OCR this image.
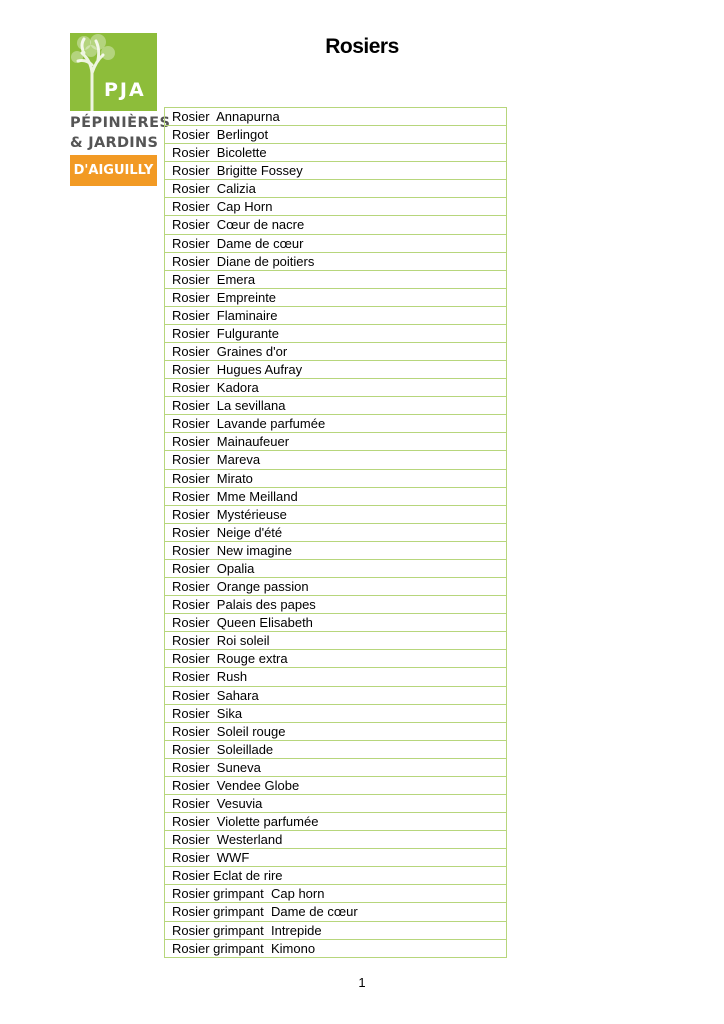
PJA
PÉPINIÈRES
& JARDINS
D'AIGUILLY
Rosiers
Rosier  Annapurna
Rosier  Berlingot
Rosier  Bicolette
Rosier  Brigitte Fossey
Rosier  Calizia
Rosier  Cap Horn
Rosier  Cœur de nacre
Rosier  Dame de cœur
Rosier  Diane de poitiers
Rosier  Emera
Rosier  Empreinte
Rosier  Flaminaire
Rosier  Fulgurante
Rosier  Graines d'or
Rosier  Hugues Aufray
Rosier  Kadora
Rosier  La sevillana
Rosier  Lavande parfumée
Rosier  Mainaufeuer
Rosier  Mareva
Rosier  Mirato
Rosier  Mme Meilland
Rosier  Mystérieuse
Rosier  Neige d'été
Rosier  New imagine
Rosier  Opalia
Rosier  Orange passion
Rosier  Palais des papes
Rosier  Queen Elisabeth
Rosier  Roi soleil
Rosier  Rouge extra
Rosier  Rush
Rosier  Sahara
Rosier  Sika
Rosier  Soleil rouge
Rosier  Soleillade
Rosier  Suneva
Rosier  Vendee Globe
Rosier  Vesuvia
Rosier  Violette parfumée
Rosier  Westerland
Rosier  WWF
Rosier Eclat de rire
Rosier grimpant  Cap horn
Rosier grimpant  Dame de cœur
Rosier grimpant  Intrepide
Rosier grimpant  Kimono
1
